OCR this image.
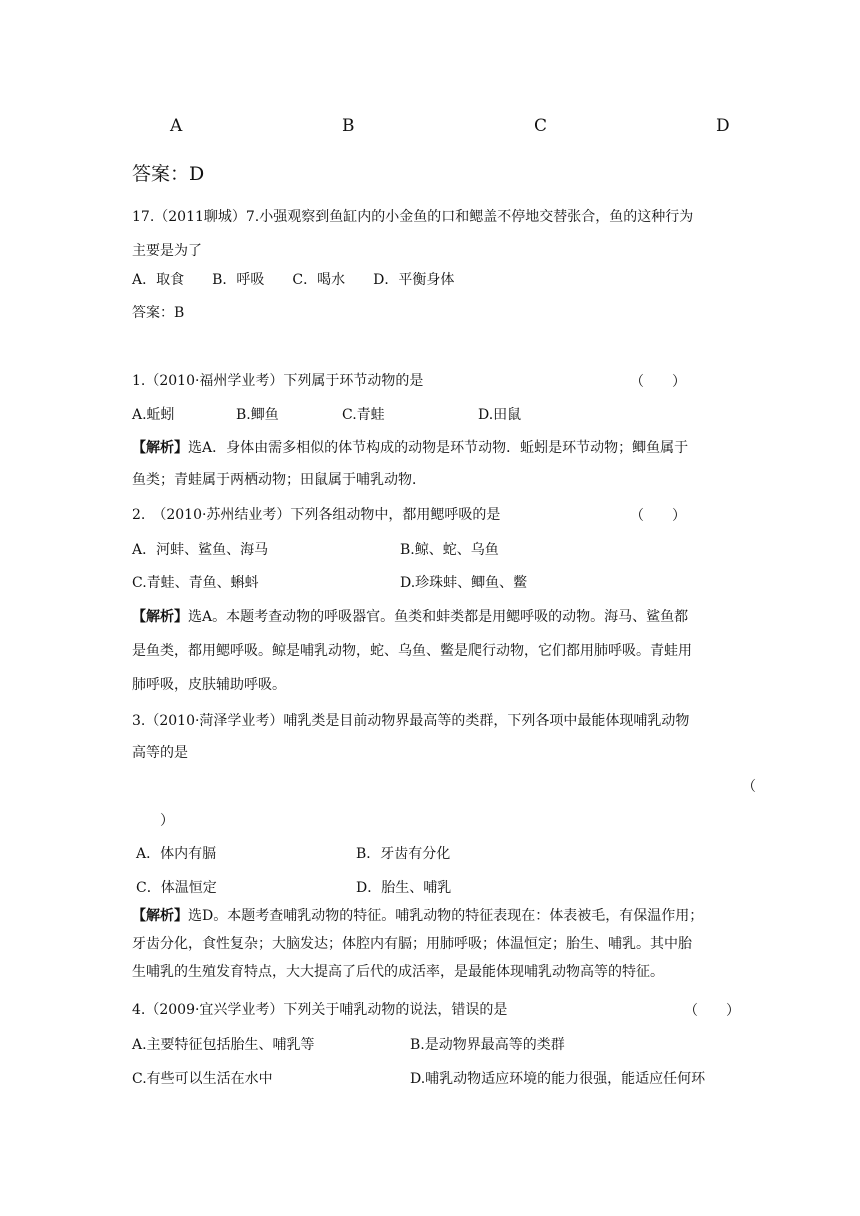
A	B	C	D
答案：D
17.（2011聊城）7.小强观察到鱼缸内的小金鱼的口和鳃盖不停地交替张合，鱼的这种行为
主要是为了
A．取食　　B．呼吸　　C．喝水　　D．平衡身体
答案：B
1.（2010·福州学业考）下列属于环节动物的是	（　　）
A.蚯蚓	B.鲫鱼	C.青蛙	D.田鼠
【解析】选A．身体由需多相似的体节构成的动物是环节动物．蚯蚓是环节动物；鲫鱼属于
鱼类；青蛙属于两栖动物；田鼠属于哺乳动物．
2.　（2010·苏州结业考）下列各组动物中，都用鳃呼吸的是	（　　）
A．河蚌、鲨鱼、海马	B.鲸、蛇、乌鱼
C.青蛙、青鱼、蝌蚪	D.珍珠蚌、鲫鱼、鳖
【解析】选A。本题考查动物的呼吸器官。鱼类和蚌类都是用鳃呼吸的动物。海马、鲨鱼都
是鱼类，都用鳃呼吸。鲸是哺乳动物，蛇、乌鱼、鳖是爬行动物，它们都用肺呼吸。青蛙用
肺呼吸，皮肤辅助呼吸。
3.（2010·菏泽学业考）哺乳类是目前动物界最高等的类群，下列各项中最能体现哺乳动物
高等的是
（
）
A．体内有膈	B．牙齿有分化
C．体温恒定	D．胎生、哺乳
【解析】选D。本题考查哺乳动物的特征。哺乳动物的特征表现在：体表被毛，有保温作用；
牙齿分化，食性复杂；大脑发达；体腔内有膈；用肺呼吸；体温恒定；胎生、哺乳。其中胎
生哺乳的生殖发育特点，大大提高了后代的成活率，是最能体现哺乳动物高等的特征。
4.（2009·宜兴学业考）下列关于哺乳动物的说法，错误的是	（　　）
A.主要特征包括胎生、哺乳等	B.是动物界最高等的类群
C.有些可以生活在水中	D.哺乳动物适应环境的能力很强，能适应任何环
